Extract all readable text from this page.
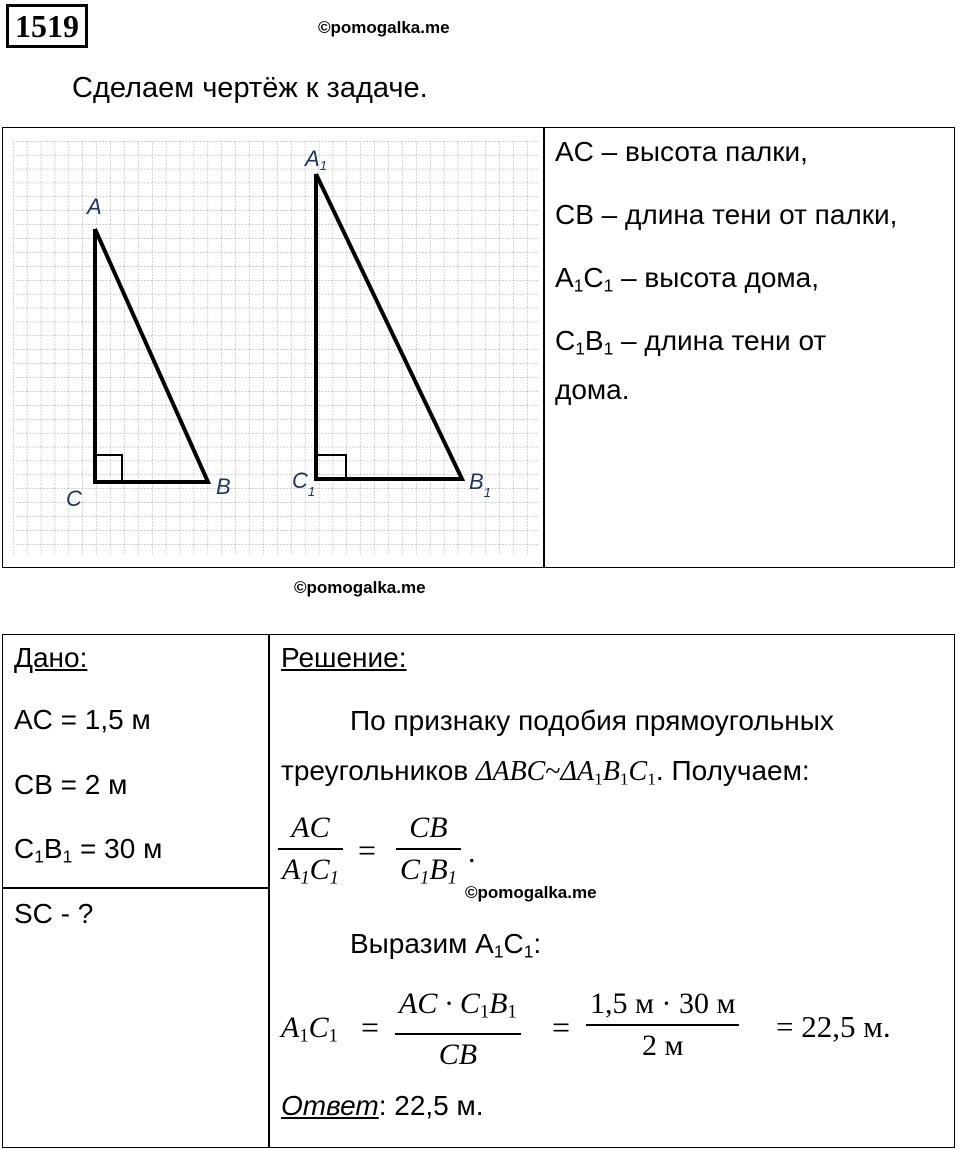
1519	©pomogalka.me
Сделаем чертёж к задаче.
A
C	B
A1
$C_1$	$B_1$
AC – высота палки,
CB – длина тени от палки,
$A_1C_1$ – высота дома,
$C_1B_1$ – длина тени от
дома.
©pomogalka.me
Дано:
AC = 1,5 м
CB = 2 м
$C_1B_1 = 30$ м
SC - ?
Решение:
По признаку подобия прямоугольных
треугольников $\Delta ABC\sim\Delta A_1B_1C_1$. Получаем:
$\frac{AC}{A_1C_1} = \frac{CB}{C_1B_1}$ .
©pomogalka.me
Выразим $A_1C_1$:
$A_1C_1 = \frac{AC \cdot C_1B_1}{CB}$ =
1,5 м · 30 м
2 м
= 22,5 м.
Ответ: 22,5 м.
